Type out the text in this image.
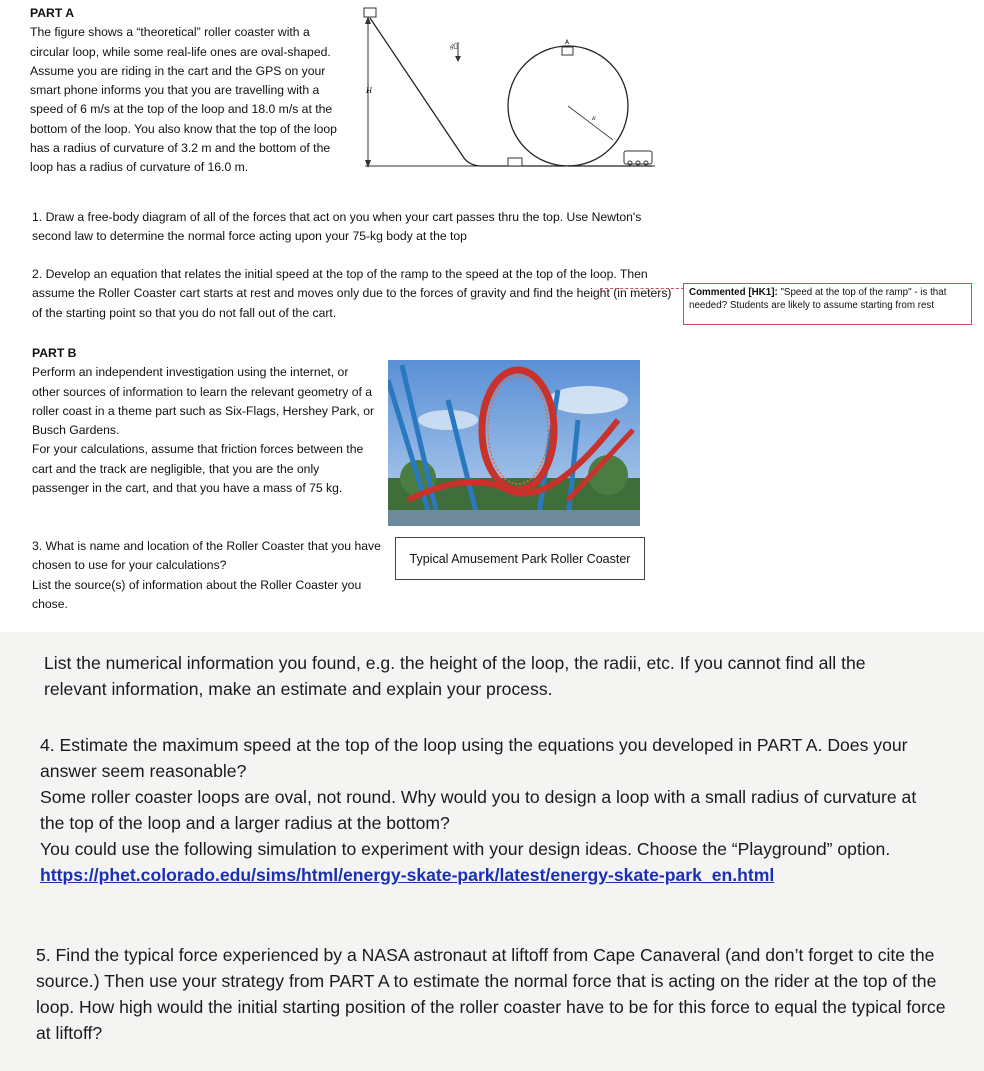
PART A
The figure shows a “theoretical” roller coaster with a circular loop, while some real-life ones are oval-shaped. Assume you are riding in the cart and the GPS on your smart phone informs you that you are travelling with a speed of 6 m/s at the top of the loop and 18.0 m/s at the bottom of the loop. You also know that the top of the loop has a radius of curvature of 3.2 m and the bottom of the loop has a radius of curvature of 16.0 m.
H
A
R
g⃗
1. Draw a free-body diagram of all of the forces that act on you when your cart passes thru the top. Use Newton's second law to determine the normal force acting upon your 75-kg body at the top
2. Develop an equation that relates the initial speed at the top of the ramp to the speed at the top of the loop. Then assume the Roller Coaster cart starts at rest and moves only due to the forces of gravity and find the height (in meters) of the starting point so that you do not fall out of the cart.
Commented [HK1]: "Speed at the top of the ramp" - is that needed? Students are likely to assume starting from rest
PART B
Perform an independent investigation using the internet, or other sources of information to learn the relevant geometry of a roller coast in a theme part such as Six-Flags, Hershey Park, or Busch Gardens.
For your calculations, assume that friction forces between the cart and the track are negligible, that you are the only passenger in the cart, and that you have a mass of 75 kg.
Typical Amusement Park Roller Coaster
3. What is name and location of the Roller Coaster that you have chosen to use for your calculations?
List the source(s) of information about the Roller Coaster you chose.
List the numerical information you found, e.g. the height of the loop, the radii, etc. If you cannot find all the relevant information, make an estimate and explain your process.
4. Estimate the maximum speed at the top of the loop using the equations you developed in PART A. Does your answer seem reasonable?
Some roller coaster loops are oval, not round. Why would you to design a loop with a small radius of curvature at the top of the loop and a larger radius at the bottom?
You could use the following simulation to experiment with your design ideas. Choose the “Playground” option.
https://phet.colorado.edu/sims/html/energy-skate-park/latest/energy-skate-park_en.html
5. Find the typical force experienced by a NASA astronaut at liftoff from Cape Canaveral (and don’t forget to cite the source.) Then use your strategy from PART A to estimate the normal force that is acting on the rider at the top of the loop. How high would the initial starting position of the roller coaster have to be for this force to equal the typical force at liftoff?
